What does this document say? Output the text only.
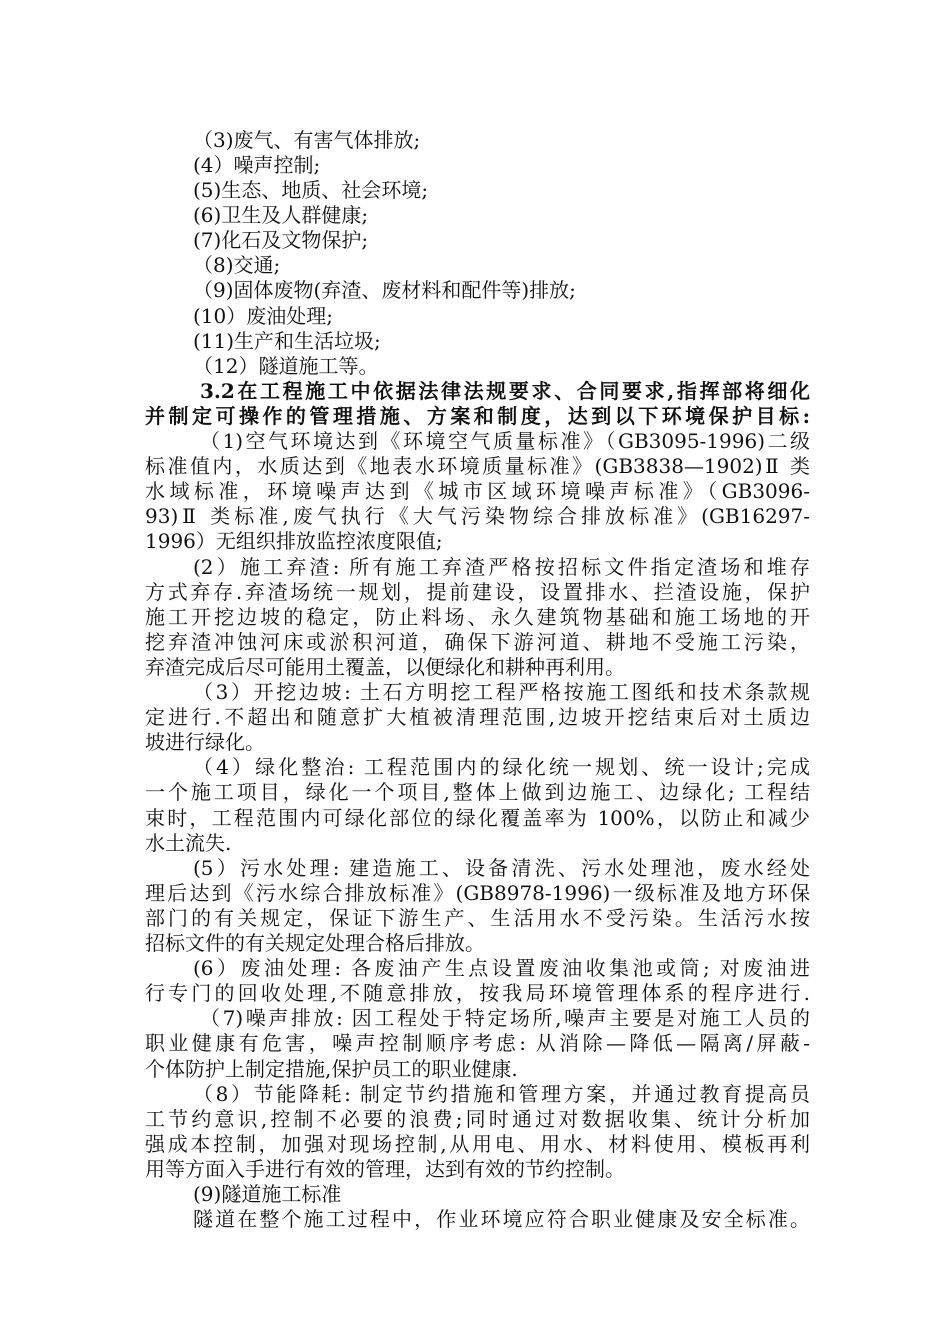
（3)废气、有害气体排放;
(4）噪声控制;
(5)生态、地质、社会环境;
(6)卫生及人群健康;
(7)化石及文物保护;
（8)交通;
（9)固体废物(弃渣、废材料和配件等)排放;
(10）废油处理;
(11)生产和生活垃圾;
（12）隧道施工等。
3.2在工程施工中依据法律法规要求、合同要求,指挥部将细化
并制定可操作的管理措施、方案和制度，达到以下环境保护目标:
（1)空气环境达到《环境空气质量标准》（GB3095-1996)二级
标准值内，水质达到《地表水环境质量标准》(GB3838—1902)Ⅱ 类
水域标准，环境噪声达到《城市区域环境噪声标准》（GB3096-
93)Ⅱ 类标准,废气执行《大气污染物综合排放标准》(GB16297-
1996）无组织排放监控浓度限值;
(2）施工弃渣: 所有施工弃渣严格按招标文件指定渣场和堆存
方式弃存.弃渣场统一规划，提前建设，设置排水、拦渣设施，保护
施工开挖边坡的稳定，防止料场、永久建筑物基础和施工场地的开
挖弃渣冲蚀河床或淤积河道，确保下游河道、耕地不受施工污染，
弃渣完成后尽可能用土覆盖，以便绿化和耕种再利用。
（3）开挖边坡: 土石方明挖工程严格按施工图纸和技术条款规
定进行.不超出和随意扩大植被清理范围,边坡开挖结束后对土质边
坡进行绿化。
（4）绿化整治: 工程范围内的绿化统一规划、统一设计;完成
一个施工项目，绿化一个项目,整体上做到边施工、边绿化; 工程结
束时，工程范围内可绿化部位的绿化覆盖率为 100%，以防止和减少
水土流失.
(5）污水处理: 建造施工、设备清洗、污水处理池，废水经处
理后达到《污水综合排放标准》(GB8978-1996)一级标准及地方环保
部门的有关规定，保证下游生产、生活用水不受污染。生活污水按
招标文件的有关规定处理合格后排放。
(6）废油处理: 各废油产生点设置废油收集池或筒; 对废油进
行专门的回收处理,不随意排放，按我局环境管理体系的程序进行.
（7)噪声排放: 因工程处于特定场所,噪声主要是对施工人员的
职业健康有危害，噪声控制顺序考虑: 从消除—降低—隔离/屏蔽-
个体防护上制定措施,保护员工的职业健康.
（8）节能降耗: 制定节约措施和管理方案，并通过教育提高员
工节约意识,控制不必要的浪费;同时通过对数据收集、统计分析加
强成本控制，加强对现场控制,从用电、用水、材料使用、模板再利
用等方面入手进行有效的管理，达到有效的节约控制。
(9)隧道施工标准
隧道在整个施工过程中，作业环境应符合职业健康及安全标准。
